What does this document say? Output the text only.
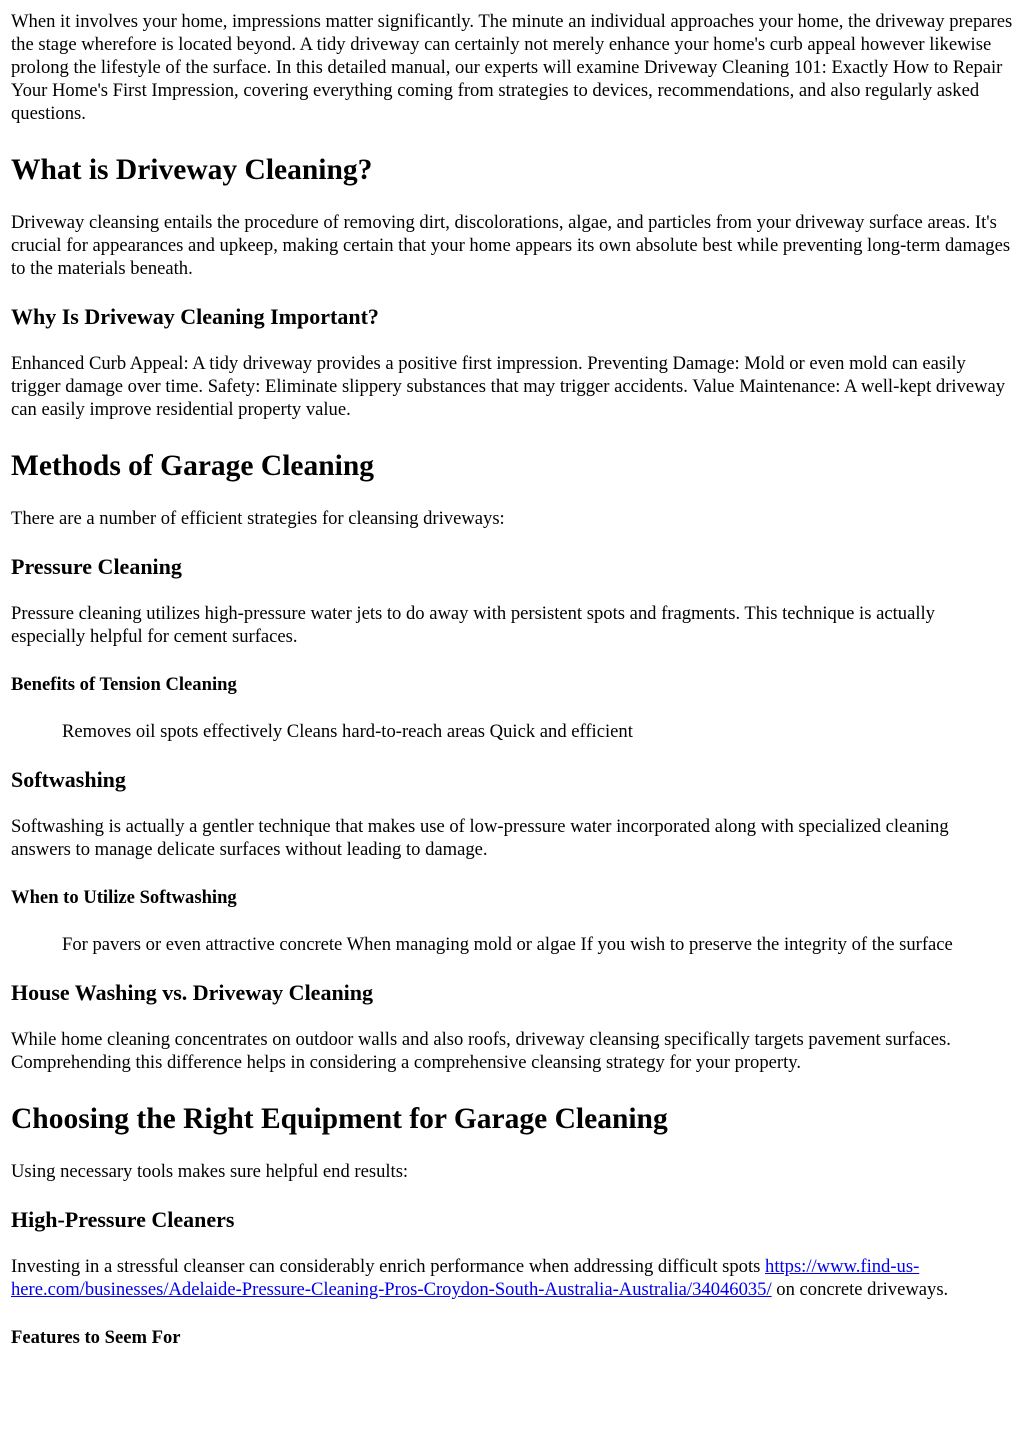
When it involves your home, impressions matter significantly. The minute an individual approaches your home, the driveway prepares the stage wherefore is located beyond. A tidy driveway can certainly not merely enhance your home's curb appeal however likewise prolong the lifestyle of the surface. In this detailed manual, our experts will examine Driveway Cleaning 101: Exactly How to Repair Your Home's First Impression, covering everything coming from strategies to devices, recommendations, and also regularly asked questions.

What is Driveway Cleaning?

Driveway cleansing entails the procedure of removing dirt, discolorations, algae, and particles from your driveway surface areas. It's crucial for appearances and upkeep, making certain that your home appears its own absolute best while preventing long-term damages to the materials beneath.

Why Is Driveway Cleaning Important?

Enhanced Curb Appeal: A tidy driveway provides a positive first impression. Preventing Damage: Mold or even mold can easily trigger damage over time. Safety: Eliminate slippery substances that may trigger accidents. Value Maintenance: A well-kept driveway can easily improve residential property value.

Methods of Garage Cleaning

There are a number of efficient strategies for cleansing driveways:

Pressure Cleaning

Pressure cleaning utilizes high-pressure water jets to do away with persistent spots and fragments. This technique is actually especially helpful for cement surfaces.

Benefits of Tension Cleaning
Removes oil spots effectively Cleans hard-to-reach areas Quick and efficient
Softwashing

Softwashing is actually a gentler technique that makes use of low-pressure water incorporated along with specialized cleaning answers to manage delicate surfaces without leading to damage.

When to Utilize Softwashing
For pavers or even attractive concrete When managing mold or algae If you wish to preserve the integrity of the surface
House Washing vs. Driveway Cleaning

While home cleaning concentrates on outdoor walls and also roofs, driveway cleansing specifically targets pavement surfaces. Comprehending this difference helps in considering a comprehensive cleansing strategy for your property.

Choosing the Right Equipment for Garage Cleaning

Using necessary tools makes sure helpful end results:

High-Pressure Cleaners

Investing in a stressful cleanser can considerably enrich performance when addressing difficult spots https://www.find-us-here.com/businesses/Adelaide-Pressure-Cleaning-Pros-Croydon-South-Australia-Australia/34046035/ on concrete driveways.

Features to Seem For
